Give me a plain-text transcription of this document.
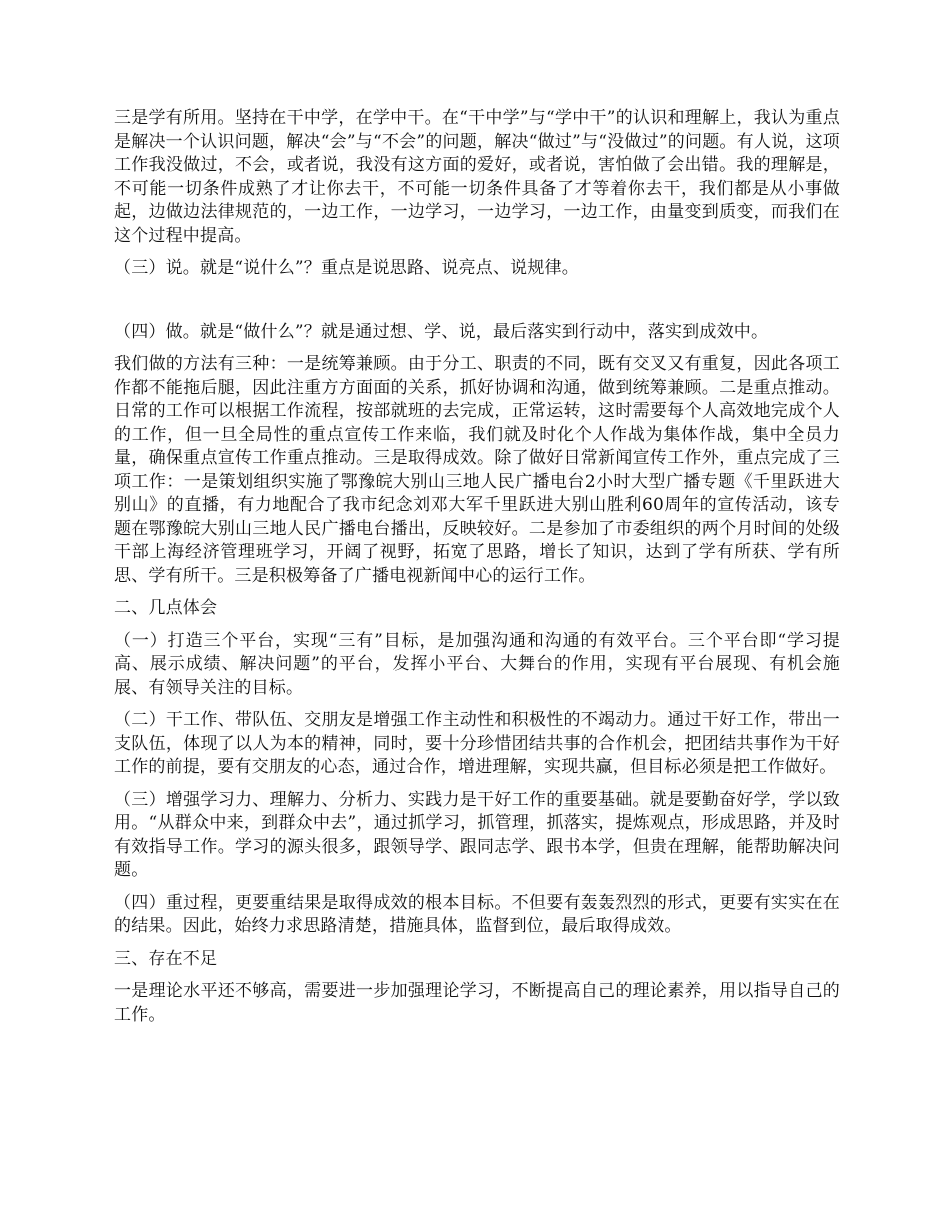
三是学有所用。坚持在干中学，在学中干。在“干中学”与“学中干”的认识和理解上，我认为重点是解决一个认识问题，解决“会”与“不会”的问题，解决“做过”与“没做过”的问题。有人说，这项工作我没做过，不会，或者说，我没有这方面的爱好，或者说，害怕做了会出错。我的理解是，不可能一切条件成熟了才让你去干，不可能一切条件具备了才等着你去干，我们都是从小事做起，边做边法律规范的，一边工作，一边学习，一边学习，一边工作，由量变到质变，而我们在这个过程中提高。

（三）说。就是“说什么”？重点是说思路、说亮点、说规律。

（四）做。就是“做什么”？就是通过想、学、说，最后落实到行动中，落实到成效中。

我们做的方法有三种：一是统筹兼顾。由于分工、职责的不同，既有交叉又有重复，因此各项工作都不能拖后腿，因此注重方方面面的关系，抓好协调和沟通，做到统筹兼顾。二是重点推动。日常的工作可以根据工作流程，按部就班的去完成，正常运转，这时需要每个人高效地完成个人的工作，但一旦全局性的重点宣传工作来临，我们就及时化个人作战为集体作战，集中全员力量，确保重点宣传工作重点推动。三是取得成效。除了做好日常新闻宣传工作外，重点完成了三项工作：一是策划组织实施了鄂豫皖大别山三地人民广播电台2小时大型广播专题《千里跃进大别山》的直播，有力地配合了我市纪念刘邓大军千里跃进大别山胜利60周年的宣传活动，该专题在鄂豫皖大别山三地人民广播电台播出，反映较好。二是参加了市委组织的两个月时间的处级干部上海经济管理班学习，开阔了视野，拓宽了思路，增长了知识，达到了学有所获、学有所思、学有所干。三是积极筹备了广播电视新闻中心的运行工作。

二、几点体会

（一）打造三个平台，实现“三有”目标，是加强沟通和沟通的有效平台。三个平台即“学习提高、展示成绩、解决问题”的平台，发挥小平台、大舞台的作用，实现有平台展现、有机会施展、有领导关注的目标。

（二）干工作、带队伍、交朋友是增强工作主动性和积极性的不竭动力。通过干好工作，带出一支队伍，体现了以人为本的精神，同时，要十分珍惜团结共事的合作机会，把团结共事作为干好工作的前提，要有交朋友的心态，通过合作，增进理解，实现共赢，但目标必须是把工作做好。

（三）增强学习力、理解力、分析力、实践力是干好工作的重要基础。就是要勤奋好学，学以致用。“从群众中来，到群众中去”，通过抓学习，抓管理，抓落实，提炼观点，形成思路，并及时有效指导工作。学习的源头很多，跟领导学、跟同志学、跟书本学，但贵在理解，能帮助解决问题。

（四）重过程，更要重结果是取得成效的根本目标。不但要有轰轰烈烈的形式，更要有实实在在的结果。因此，始终力求思路清楚，措施具体，监督到位，最后取得成效。

三、存在不足

一是理论水平还不够高，需要进一步加强理论学习，不断提高自己的理论素养，用以指导自己的工作。
